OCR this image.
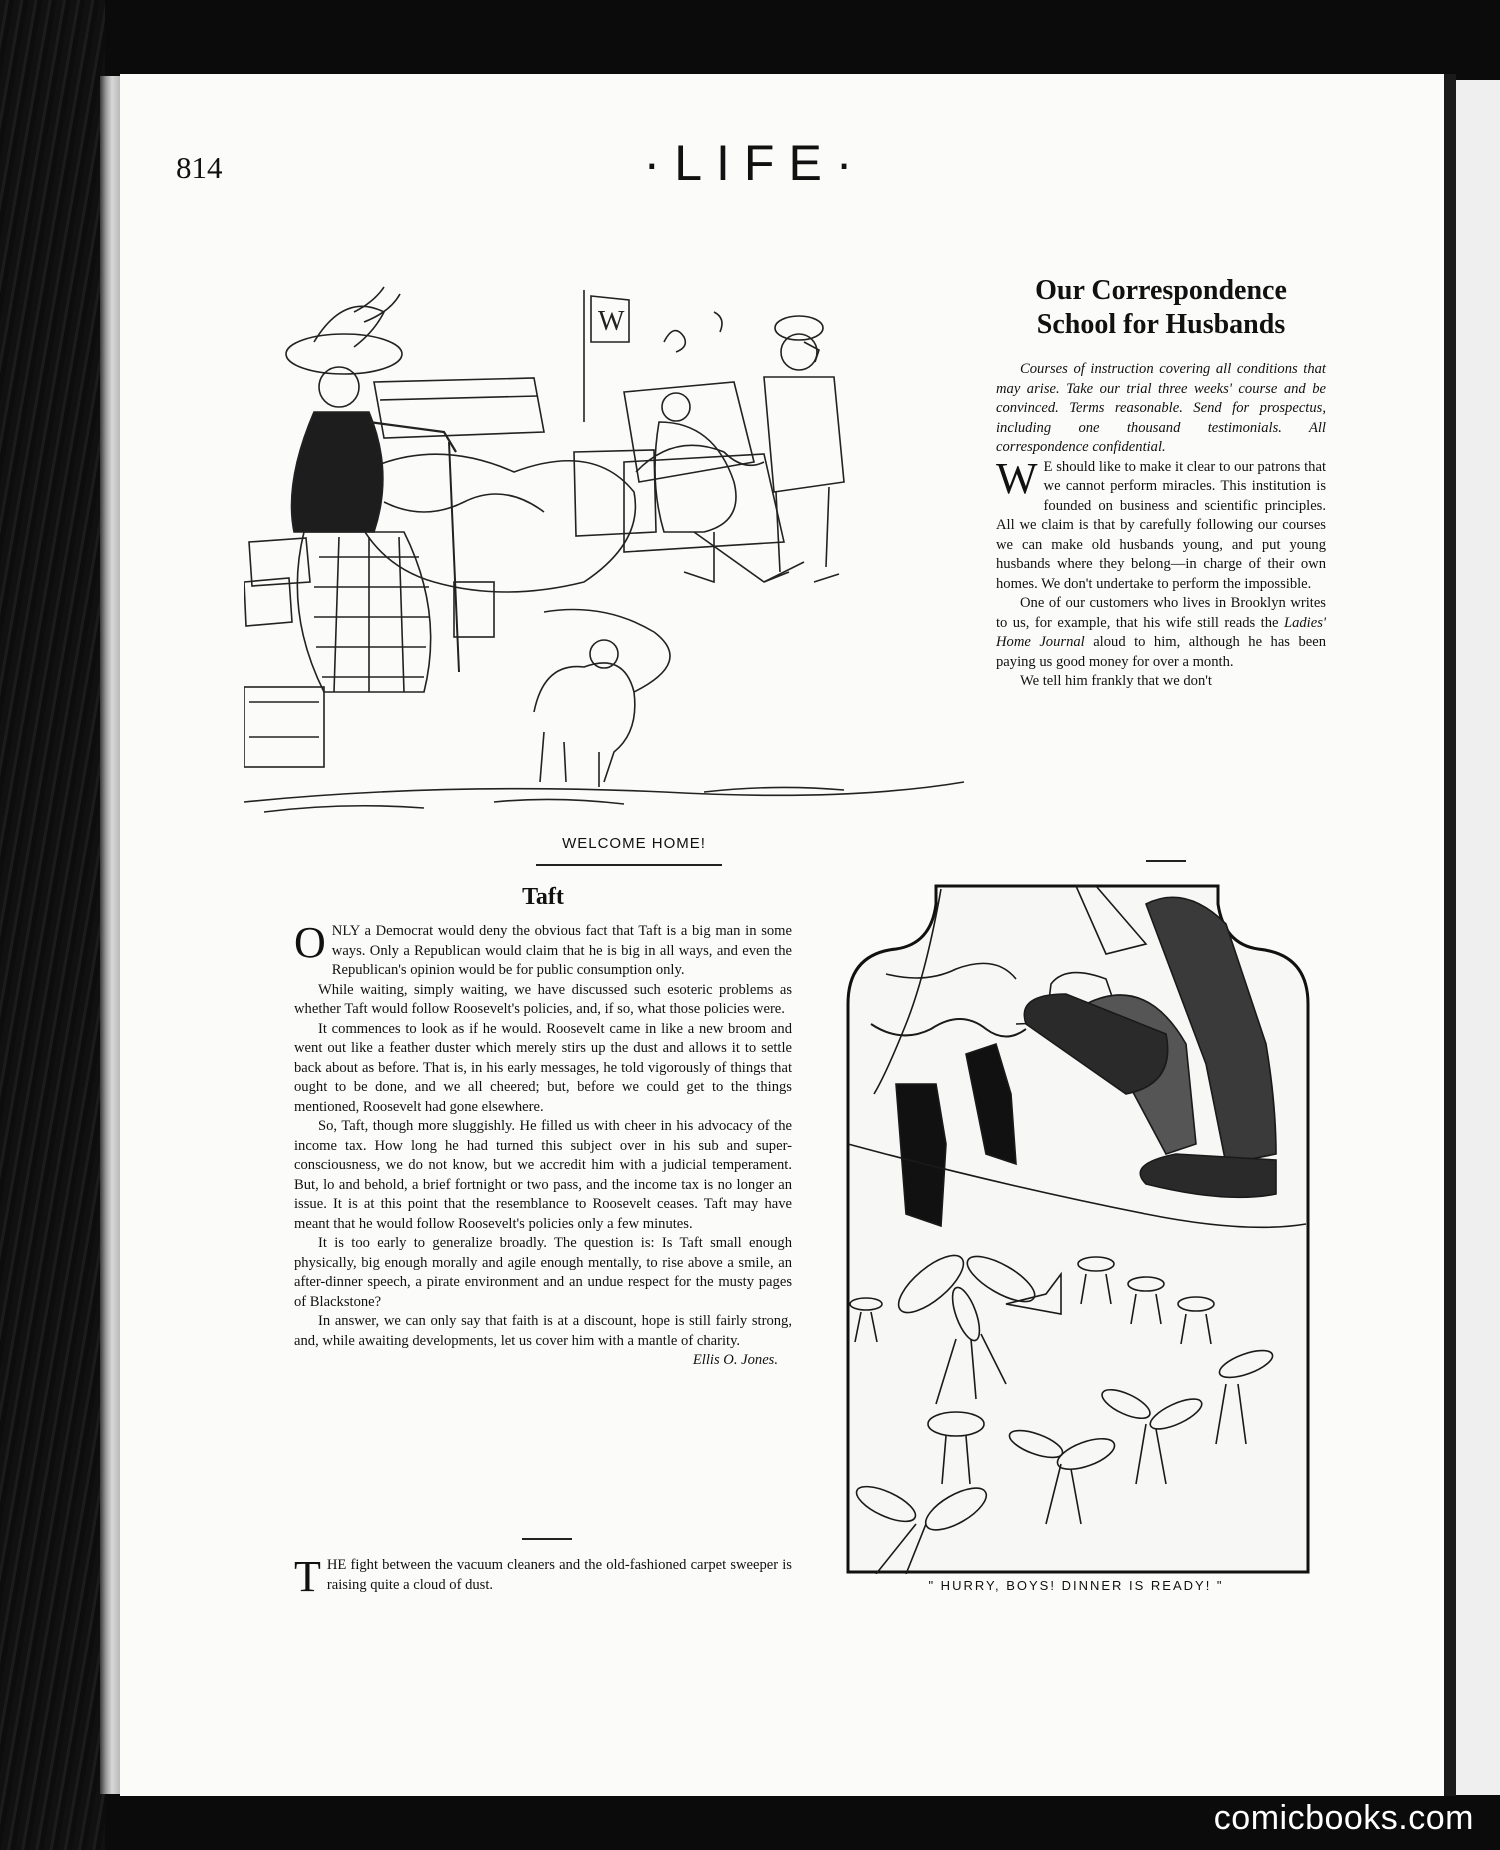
814	·LIFE·
W
WELCOME HOME!
Our Correspondence
School for Husbands

Courses of instruction covering all conditions that may arise. Take our trial three weeks' course and be convinced. Terms reasonable. Send for prospectus, including one thousand testimonials. All correspondence confidential.

W E should like to make it clear to our patrons that we cannot perform miracles. This institution is founded on business and scientific principles. All we claim is that by carefully following our courses we can make old husbands young, and put young husbands where they belong—in charge of their own homes. We don't undertake to perform the impossible.

One of our customers who lives in Brooklyn writes to us, for example, that his wife still reads the Ladies' Home Journal aloud to him, although he has been paying us good money for over a month.

We tell him frankly that we don't

Taft

ONLY a Democrat would deny the obvious fact that Taft is a big man in some ways. Only a Republican would claim that he is big in all ways, and even the Republican's opinion would be for public consumption only.

While waiting, simply waiting, we have discussed such esoteric problems as whether Taft would follow Roosevelt's policies, and, if so, what those policies were.

It commences to look as if he would. Roosevelt came in like a new broom and went out like a feather duster which merely stirs up the dust and allows it to settle back about as before. That is, in his early messages, he told vigorously of things that ought to be done, and we all cheered; but, before we could get to the things mentioned, Roosevelt had gone elsewhere.

So, Taft, though more sluggishly. He filled us with cheer in his advocacy of the income tax. How long he had turned this subject over in his sub and super-consciousness, we do not know, but we accredit him with a judicial temperament. But, lo and behold, a brief fortnight or two pass, and the income tax is no longer an issue. It is at this point that the resemblance to Roosevelt ceases. Taft may have meant that he would follow Roosevelt's policies only a few minutes.

It is too early to generalize broadly. The question is: Is Taft small enough physically, big enough morally and agile enough mentally, to rise above a smile, an after-dinner speech, a pirate environment and an undue respect for the musty pages of Blackstone?

In answer, we can only say that faith is at a discount, hope is still fairly strong, and, while awaiting developments, let us cover him with a mantle of charity.

Ellis O. Jones.

THE fight between the vacuum cleaners and the old-fashioned carpet sweeper is raising quite a cloud of dust.	" HURRY, BOYS! DINNER IS READY! "
comicbooks.com
